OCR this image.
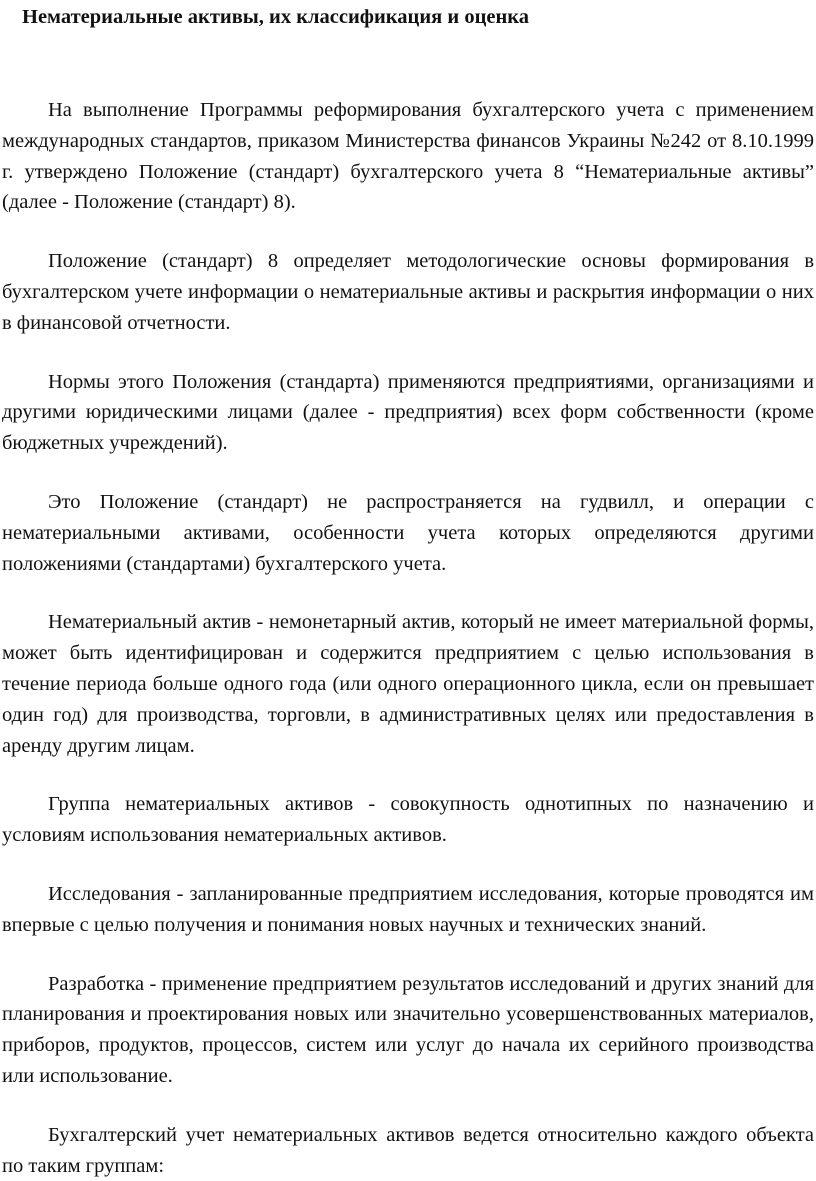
Нематериальные активы, их классификация и оценка

На выполнение Программы реформирования бухгалтерского учета с применением международных стандартов, приказом Министерства финансов Украины №242 от 8.10.1999 г. утверждено Положение (стандарт) бухгалтерского учета 8 “Нематериальные активы” (далее - Положение (стандарт) 8).

Положение (стандарт) 8 определяет методологические основы формирования в бухгалтерском учете информации о нематериальные активы и раскрытия информации о них в финансовой отчетности.

Нормы этого Положения (стандарта) применяются предприятиями, организациями и другими юридическими лицами (далее - предприятия) всех форм собственности (кроме бюджетных учреждений).

Это Положение (стандарт) не распространяется на гудвилл, и операции с нематериальными активами, особенности учета которых определяются другими положениями (стандартами) бухгалтерского учета.

Нематериальный актив - немонетарный актив, который не имеет материальной формы, может быть идентифицирован и содержится предприятием с целью использования в течение периода больше одного года (или одного операционного цикла, если он превышает один год) для производства, торговли, в административных целях или предоставления в аренду другим лицам.

Группа нематериальных активов - совокупность однотипных по назначению и условиям использования нематериальных активов.

Исследования - запланированные предприятием исследования, которые проводятся им впервые с целью получения и понимания новых научных и технических знаний.

Разработка - применение предприятием результатов исследований и других знаний для планирования и проектирования новых или значительно усовершенствованных материалов, приборов, продуктов, процессов, систем или услуг до начала их серийного производства или использование.

Бухгалтерский учет нематериальных активов ведется относительно каждого объекта по таким группам:
